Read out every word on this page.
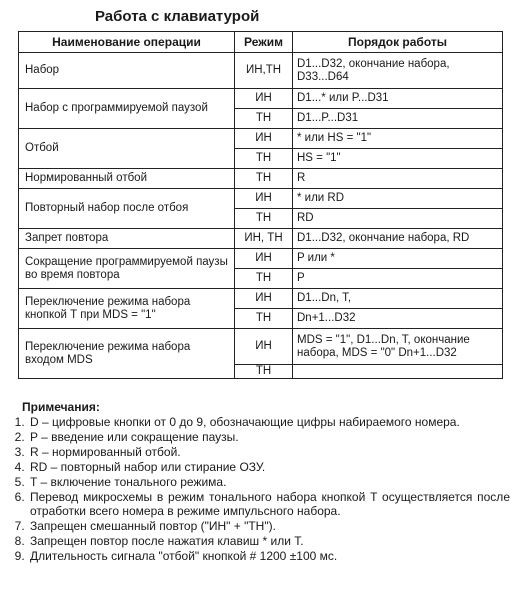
Работа с клавиатурой
Наименование операции	Режим	Порядок работы
Набор	ИН,ТН	D1...D32, окончание набора, D33...D64
Набор с программируемой паузой	ИН	D1...* или P...D31
	ТН	D1...P...D31
Отбой	ИН	* или HS = "1"
	ТН	HS = "1"
Нормированный отбой	ТН	R
Повторный набор после отбоя	ИН	* или RD
	ТН	RD
Запрет повтора	ИН, ТН	D1...D32, окончание набора, RD
Сокращение программируемой паузы во время повтора	ИН	P или *
	ТН	P
Переключение режима набора кнопкой T при MDS = "1"	ИН	D1...Dn, T,
	ТН	Dn+1...D32
Переключение режима набора входом MDS	ИН	MDS = "1", D1...Dn, T, окончание набора, MDS = "0" Dn+1...D32
	ТН	
Примечания:
1. D – цифровые кнопки от 0 до 9, обозначающие цифры набираемого номера.
2. P – введение или сокращение паузы.
3. R – нормированный отбой.
4. RD – повторный набор или стирание ОЗУ.
5. T – включение тонального режима.
6. Перевод микросхемы в режим тонального набора кнопкой T осуществляется после отработки всего номера в режиме импульсного набора.
7. Запрещен смешанный повтор ("ИН" + "ТН").
8. Запрещен повтор после нажатия клавиш * или T.
9. Длительность сигнала "отбой" кнопкой # 1200 ±100 мс.
